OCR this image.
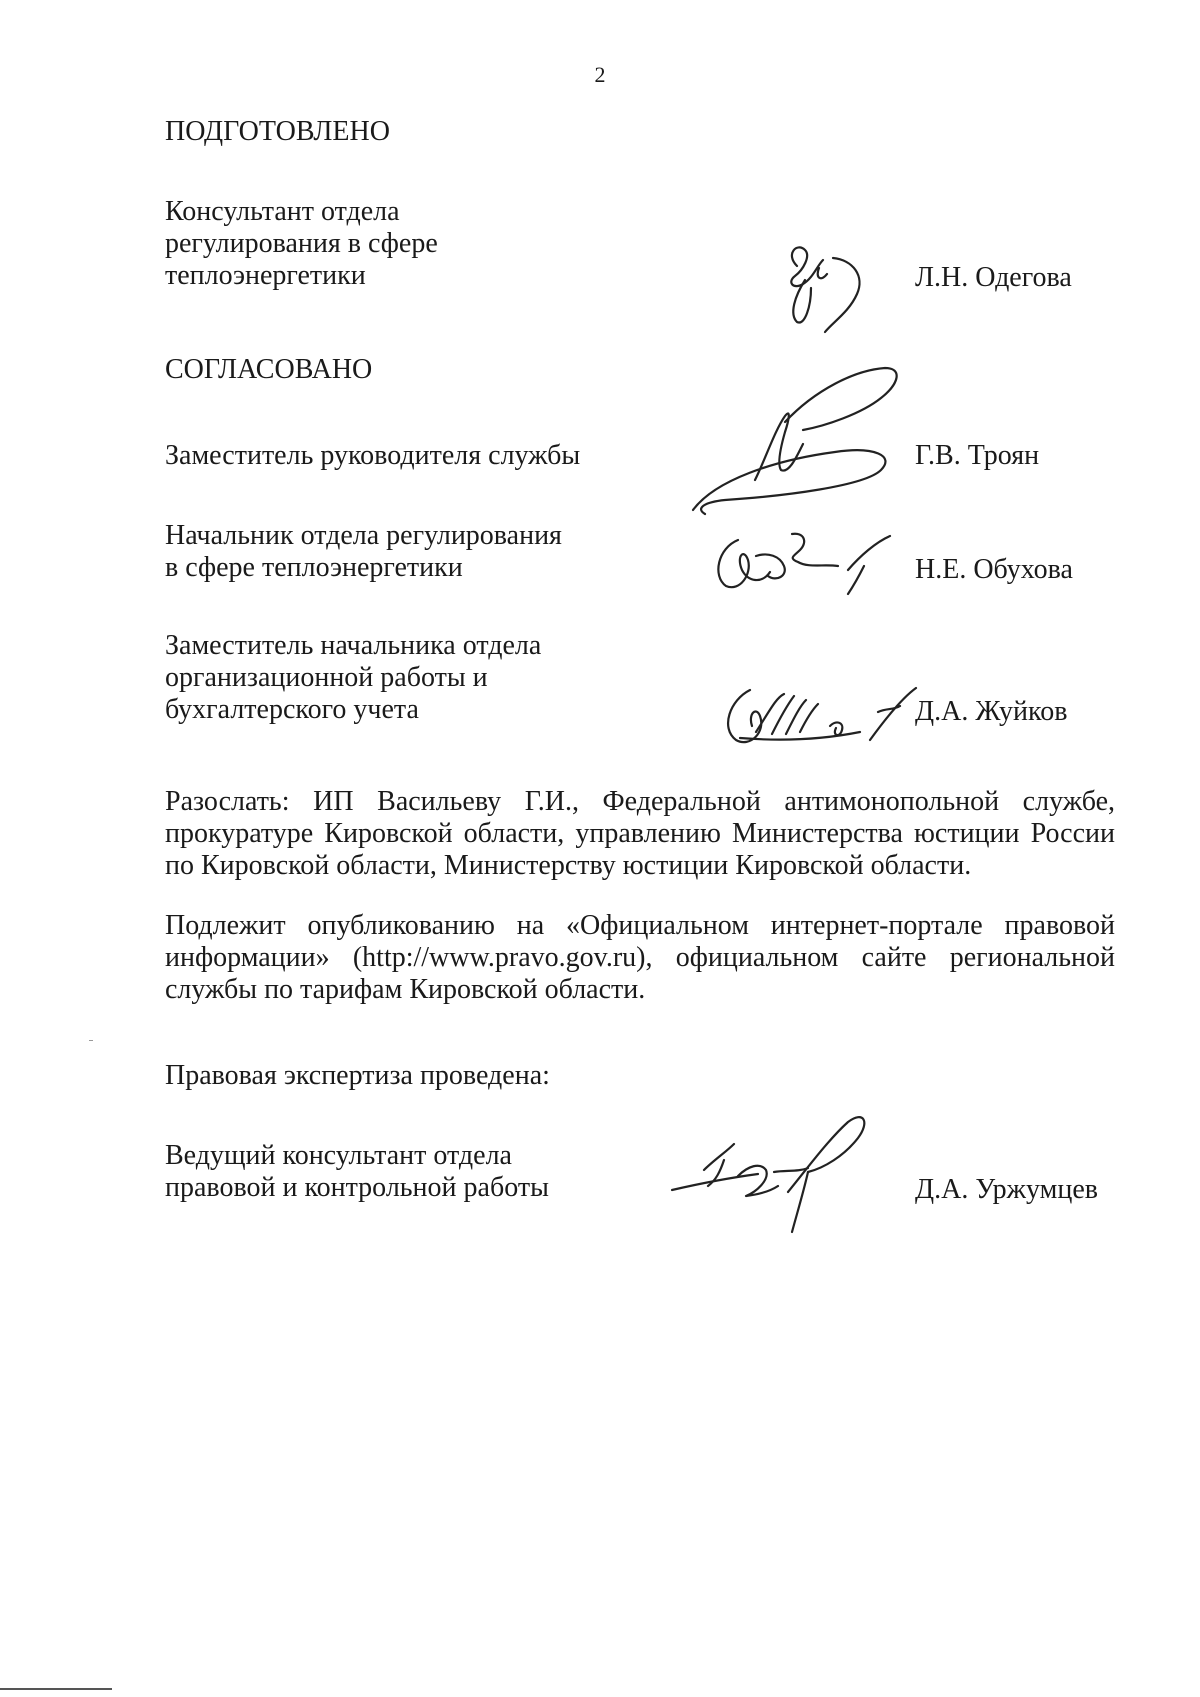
2
ПОДГОТОВЛЕНО
Консультант отдела
регулирования в сфере
теплоэнергетики	Л.Н. Одегова
СОГЛАСОВАНО
Заместитель руководителя службы	Г.В. Троян
Начальник отдела регулирования
в сфере теплоэнергетики	Н.Е. Обухова
Заместитель начальника отдела
организационной работы и
бухгалтерского учета	Д.А. Жуйков

Разослать: ИП Васильеву Г.И., Федеральной антимонопольной службе, прокуратуре Кировской области, управлению Министерства юстиции России по Кировской области, Министерству юстиции Кировской области.

Подлежит опубликованию на «Официальном интернет-портале правовой информации» (http://www.pravo.gov.ru), официальном сайте региональной службы по тарифам Кировской области.

Правовая экспертиза проведена:
Ведущий консультант отдела
правовой и контрольной работы	Д.А. Уржумцев
